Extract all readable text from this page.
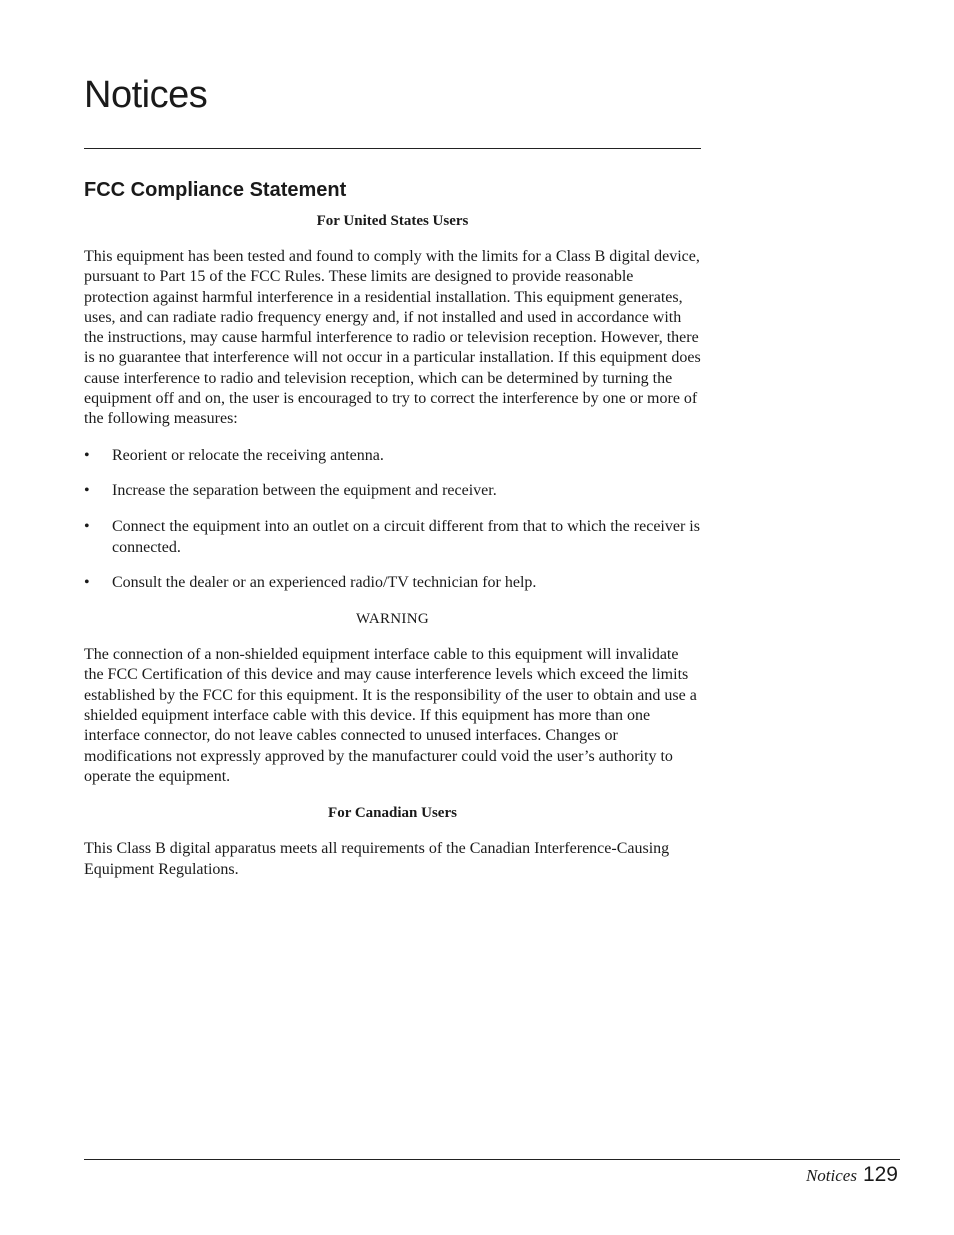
Notices
FCC Compliance Statement
For United States Users

This equipment has been tested and found to comply with the limits for a Class B digital device, pursuant to Part 15 of the FCC Rules. These limits are designed to provide reasonable protection against harmful interference in a residential installation. This equipment generates, uses, and can radiate radio frequency energy and, if not installed and used in accordance with the instructions, may cause harmful interference to radio or television reception. However, there is no guarantee that interference will not occur in a particular installation. If this equipment does cause interference to radio and television reception, which can be determined by turning the equipment off and on, the user is encouraged to try to correct the interference by one or more of the following measures:

• Reorient or relocate the receiving antenna.
• Increase the separation between the equipment and receiver.
• Connect the equipment into an outlet on a circuit different from that to which the receiver is connected.
• Consult the dealer or an experienced radio/TV technician for help.
WARNING

The connection of a non-shielded equipment interface cable to this equipment will invalidate the FCC Certification of this device and may cause interference levels which exceed the limits established by the FCC for this equipment. It is the responsibility of the user to obtain and use a shielded equipment interface cable with this device. If this equipment has more than one interface connector, do not leave cables connected to unused interfaces. Changes or modifications not expressly approved by the manufacturer could void the user’s authority to operate the equipment.

For Canadian Users

This Class B digital apparatus meets all requirements of the Canadian Interference-Causing Equipment Regulations.

Notices 129
